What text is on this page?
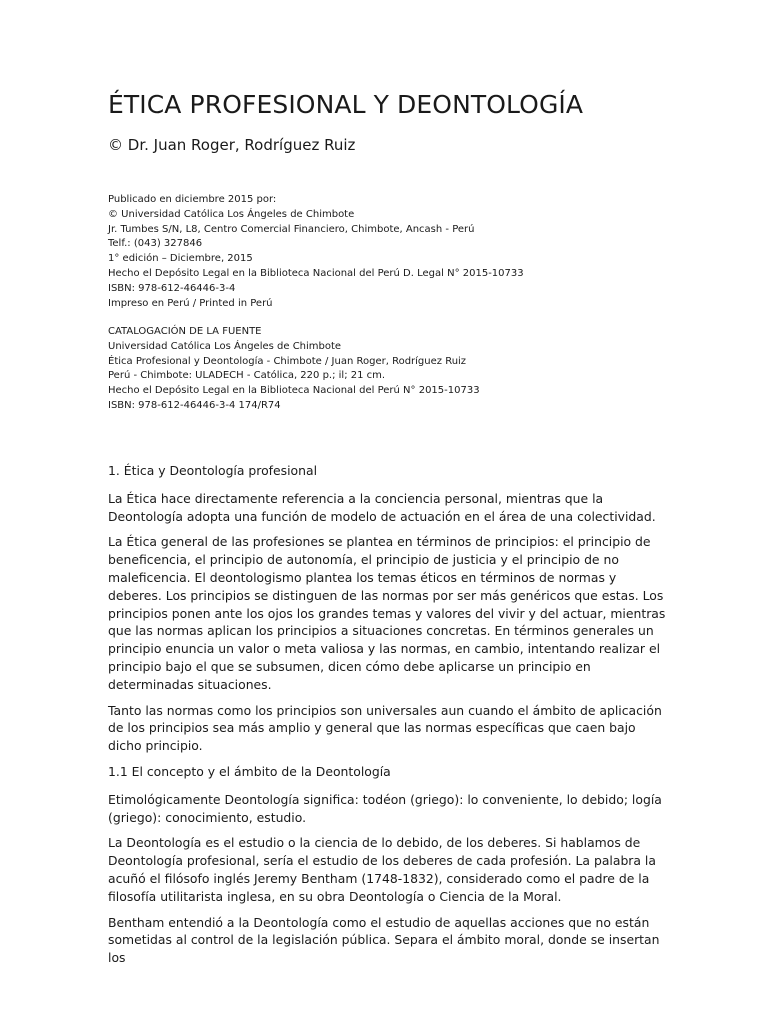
ÉTICA PROFESIONAL Y DEONTOLOGÍA

© Dr. Juan Roger, Rodríguez Ruiz

Publicado en diciembre 2015 por:
© Universidad Católica Los Ángeles de Chimbote
Jr. Tumbes S/N, L8, Centro Comercial Financiero, Chimbote, Ancash - Perú
Telf.: (043) 327846
1° edición – Diciembre, 2015
Hecho el Depósito Legal en la Biblioteca Nacional del Perú D. Legal N° 2015-10733
ISBN: 978-612-46446-3-4
Impreso en Perú / Printed in Perú
CATALOGACIÓN DE LA FUENTE
Universidad Católica Los Ángeles de Chimbote
Ética Profesional y Deontología - Chimbote / Juan Roger, Rodríguez Ruiz
Perú - Chimbote: ULADECH - Católica, 220 p.; il; 21 cm.
Hecho el Depósito Legal en la Biblioteca Nacional del Perú N° 2015-10733
ISBN: 978-612-46446-3-4 174/R74

1. Ética y Deontología profesional

La Ética hace directamente referencia a la conciencia personal, mientras que la Deontología adopta una función de modelo de actuación en el área de una colectividad.

La Ética general de las profesiones se plantea en términos de principios: el principio de beneficencia, el principio de autonomía, el principio de justicia y el principio de no maleficencia. El deontologismo plantea los temas éticos en términos de normas y deberes. Los principios se distinguen de las normas por ser más genéricos que estas. Los principios ponen ante los ojos los grandes temas y valores del vivir y del actuar, mientras que las normas aplican los principios a situaciones concretas. En términos generales un principio enuncia un valor o meta valiosa y las normas, en cambio, intentando realizar el principio bajo el que se subsumen, dicen cómo debe aplicarse un principio en determinadas situaciones.

Tanto las normas como los principios son universales aun cuando el ámbito de aplicación de los principios sea más amplio y general que las normas específicas que caen bajo dicho principio.

1.1 El concepto y el ámbito de la Deontología

Etimológicamente Deontología significa: todéon (griego): lo conveniente, lo debido; logía (griego): conocimiento, estudio.

La Deontología es el estudio o la ciencia de lo debido, de los deberes. Si hablamos de Deontología profesional, sería el estudio de los deberes de cada profesión. La palabra la acuñó el filósofo inglés Jeremy Bentham (1748-1832), considerado como el padre de la filosofía utilitarista inglesa, en su obra Deontología o Ciencia de la Moral.

Bentham entendió a la Deontología como el estudio de aquellas acciones que no están sometidas al control de la legislación pública. Separa el ámbito moral, donde se insertan los
